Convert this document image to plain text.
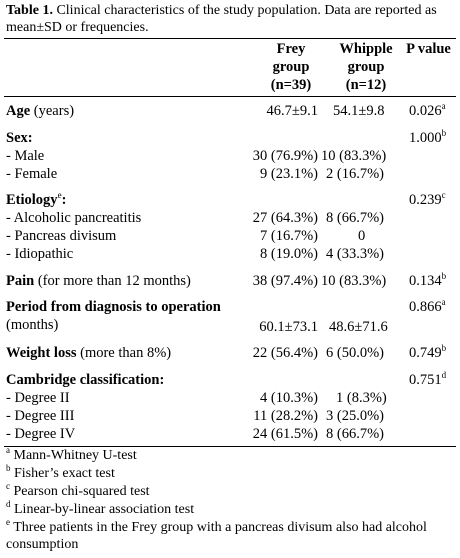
Table 1. Clinical characteristics of the study population. Data are reported as mean±SD or frequencies.
Frey
group
(n=39)
Whipple
group
(n=12)
P value
Age (years)	46.7±9.1 54.1±9.8 0.026$^a$
Sex:	1.000$^b$
- Male	30 (76.9%) 10 (83.3%)
- Female	9 (23.1%) 2 (16.7%)
Etiology$^e$:	0.239$^c$
- Alcoholic pancreatitis	27 (64.3%) 8 (66.7%)
- Pancreas divisum	7 (16.7%)	0
- Idiopathic	8 (19.0%) 4 (33.3%)
Pain (for more than 12 months)	38 (97.4%) 10 (83.3%) 0.134$^b$
Period from diagnosis to operation	0.866$^a$
(months)	60.1±73.1 48.6±71.6
Weight loss (more than 8%)	22 (56.4%) 6 (50.0%) 0.749$^b$
Cambridge classification:	0.751$^d$
- Degree II	4 (10.3%) 1 (8.3%)
- Degree III	11 (28.2%) 3 (25.0%)
- Degree IV	24 (61.5%) 8 (66.7%)
$^a$ Mann-Whitney U-test
$^b$ Fisher’s exact test
$^c$ Pearson chi-squared test
$^d$ Linear-by-linear association test
$^e$ Three patients in the Frey group with a pancreas divisum also had alcohol consumption
